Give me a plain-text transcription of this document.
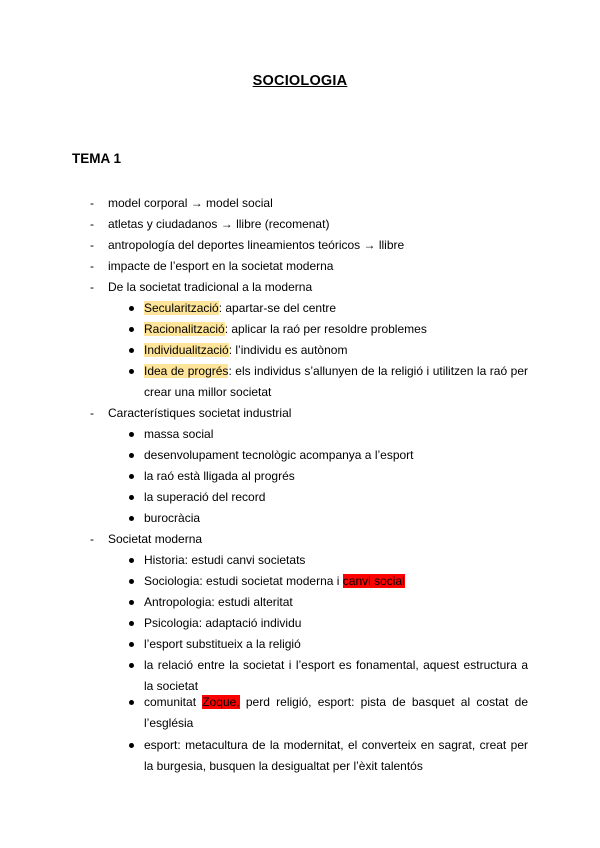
SOCIOLOGIA
TEMA 1
- model corporal → model social
- atletas y ciudadanos → llibre (recomenat)
- antropología del deportes lineamientos teóricos → llibre
- impacte de l’esport en la societat moderna
- De la societat tradicional a la moderna
Secularització: apartar-se del centre
Racionalització: aplicar la raó per resoldre problemes
Individualització: l’individu es autònom
Idea de progrés: els individus s’allunyen de la religió i utilitzen la raó per crear una millor societat
- Característiques societat industrial
massa social
desenvolupament tecnològic acompanya a l’esport
la raó està lligada al progrés
la superació del record
burocràcia
- Societat moderna
Historia: estudi canvi societats
Sociologia: estudi societat moderna i canvi social
Antropologia: estudi alteritat
Psicologia: adaptació individu
l’esport substitueix a la religió
la relació entre la societat i l’esport es fonamental, aquest estructura a la societat
comunitat Zoque, perd religió, esport: pista de basquet al costat de l’església
esport: metacultura de la modernitat, el converteix en sagrat, creat per la burgesia, busquen la desigualtat per l’èxit talentós
